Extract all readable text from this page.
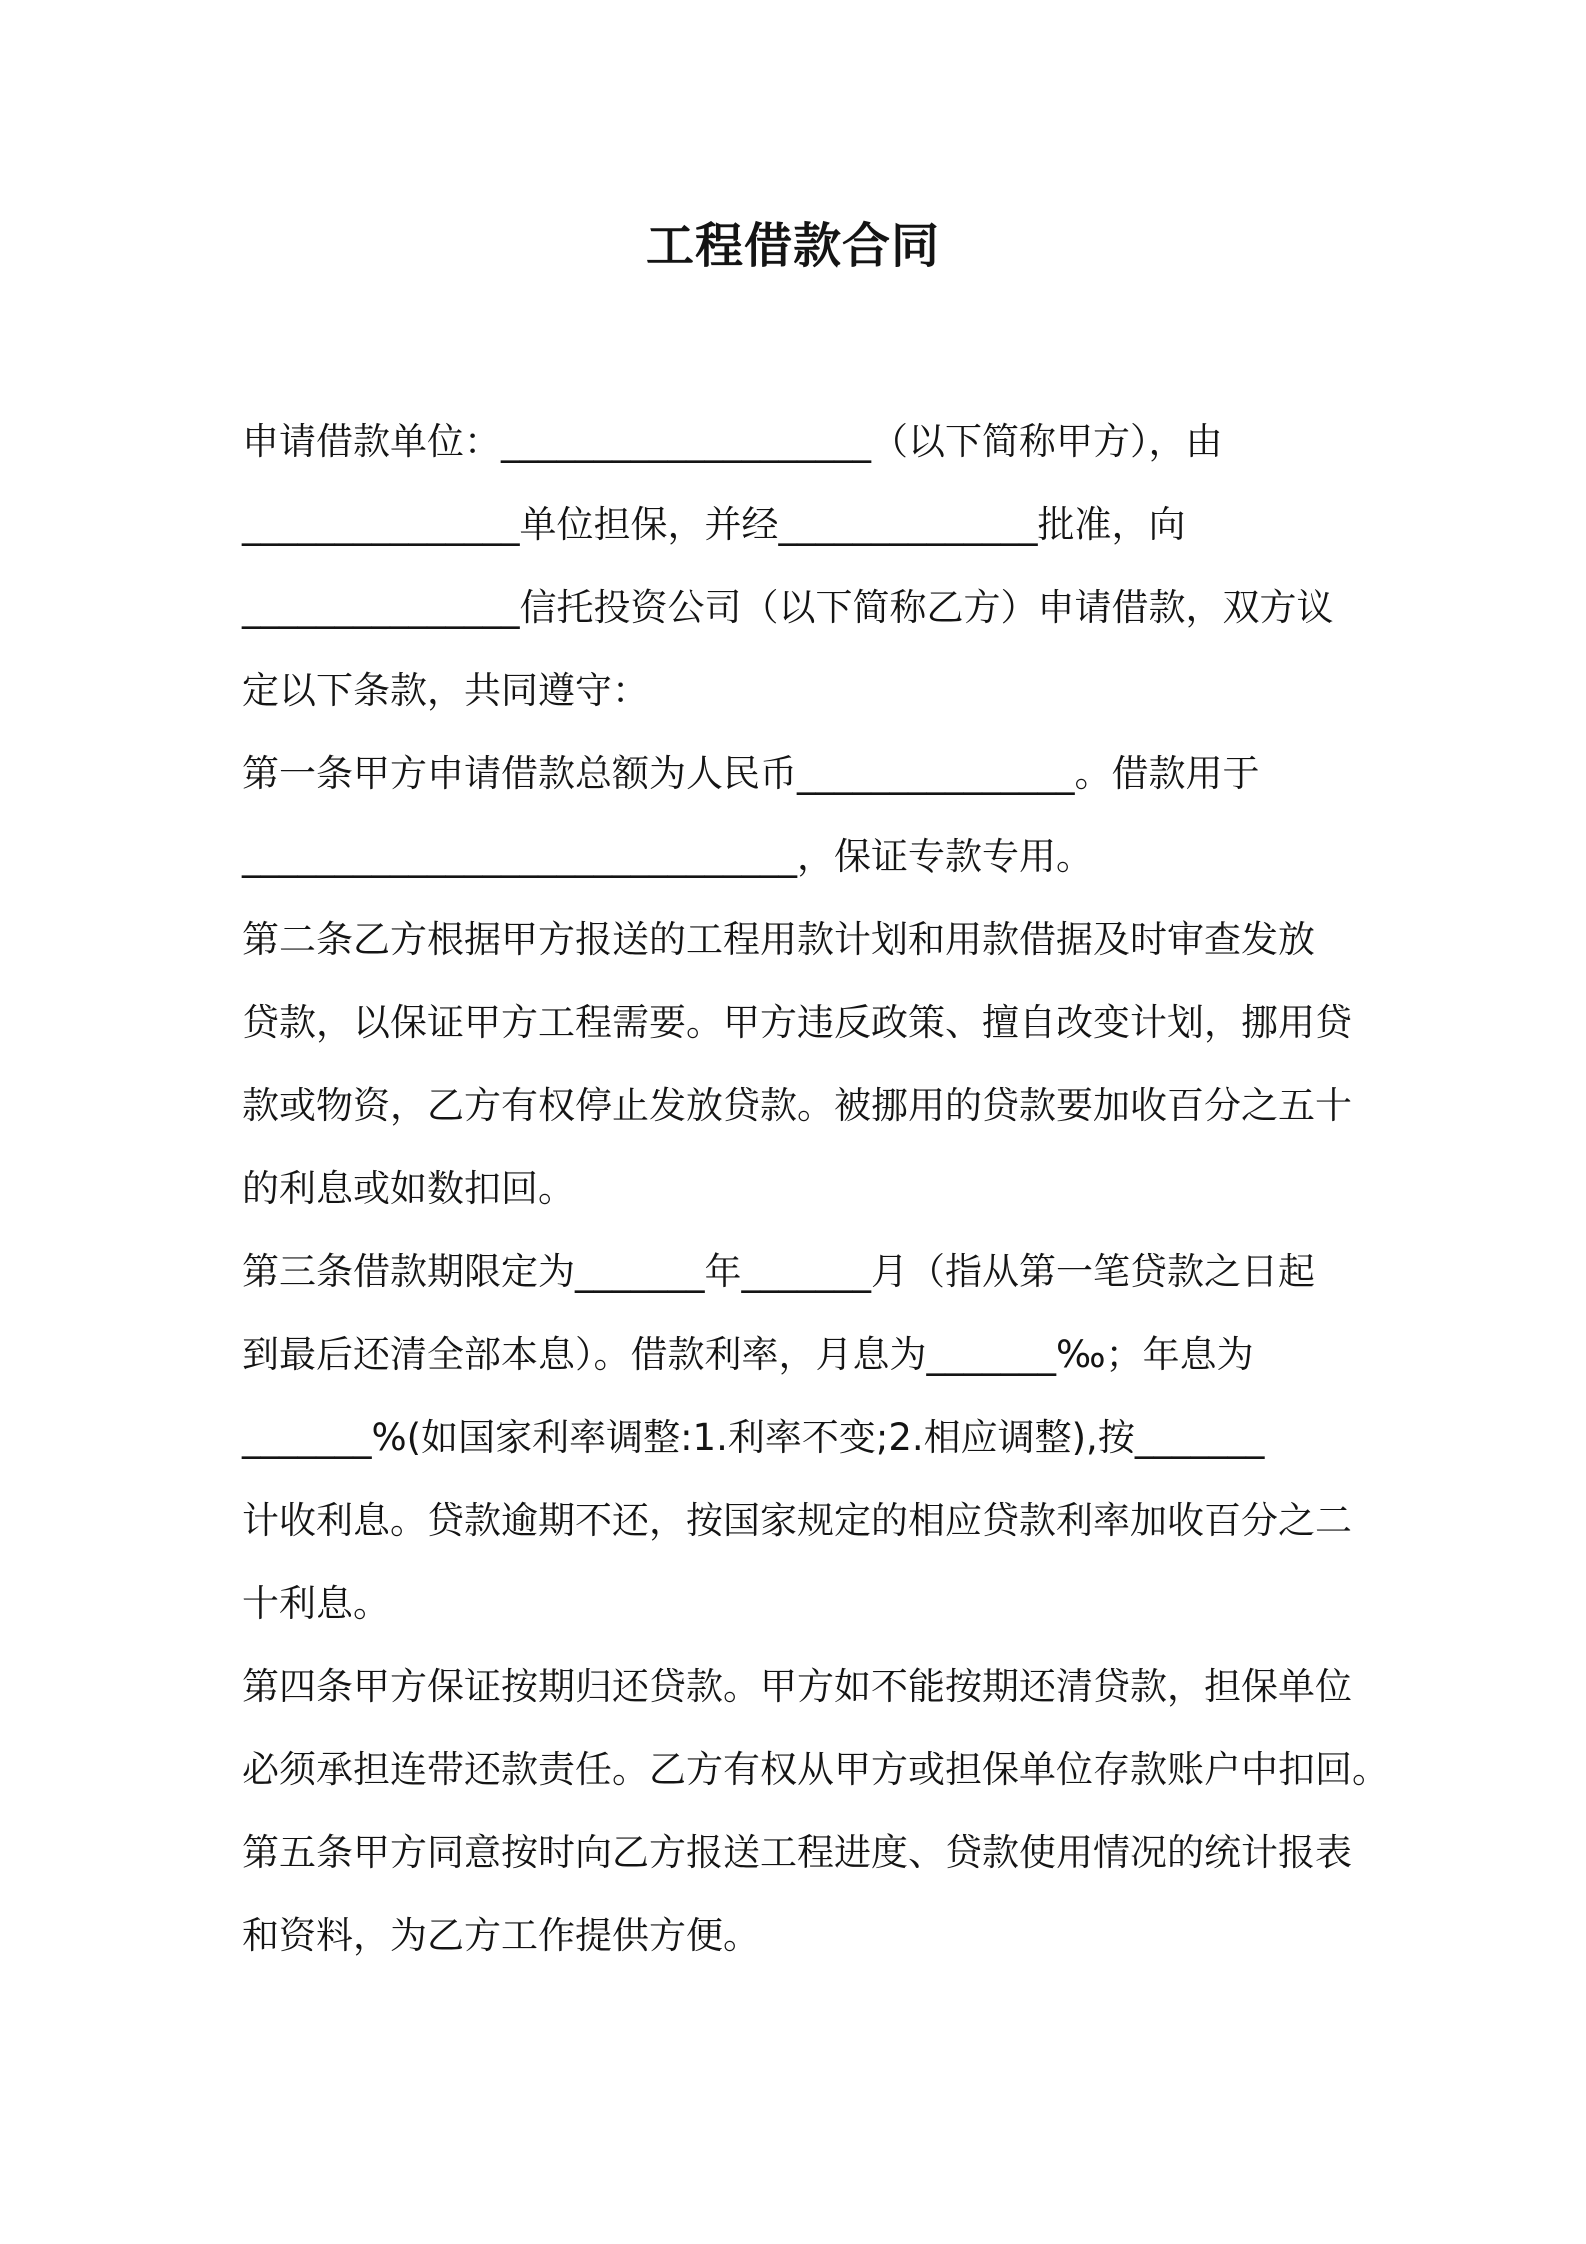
工程借款合同
申请借款单位：____________________（以下简称甲方），由
_______________单位担保，并经______________批准，向
_______________信托投资公司（以下简称乙方）申请借款，双方议
定以下条款，共同遵守：
第一条甲方申请借款总额为人民币_______________。借款用于
______________________________，保证专款专用。
第二条乙方根据甲方报送的工程用款计划和用款借据及时审查发放
贷款，以保证甲方工程需要。甲方违反政策、擅自改变计划，挪用贷
款或物资，乙方有权停止发放贷款。被挪用的贷款要加收百分之五十
的利息或如数扣回。
第三条借款期限定为_______年_______月（指从第一笔贷款之日起
到最后还清全部本息）。借款利率，月息为_______‰；年息为
_______%(如国家利率调整:1.利率不变;2.相应调整),按_______
计收利息。贷款逾期不还，按国家规定的相应贷款利率加收百分之二
十利息。
第四条甲方保证按期归还贷款。甲方如不能按期还清贷款，担保单位
必须承担连带还款责任。乙方有权从甲方或担保单位存款账户中扣回。
第五条甲方同意按时向乙方报送工程进度、贷款使用情况的统计报表
和资料，为乙方工作提供方便。
